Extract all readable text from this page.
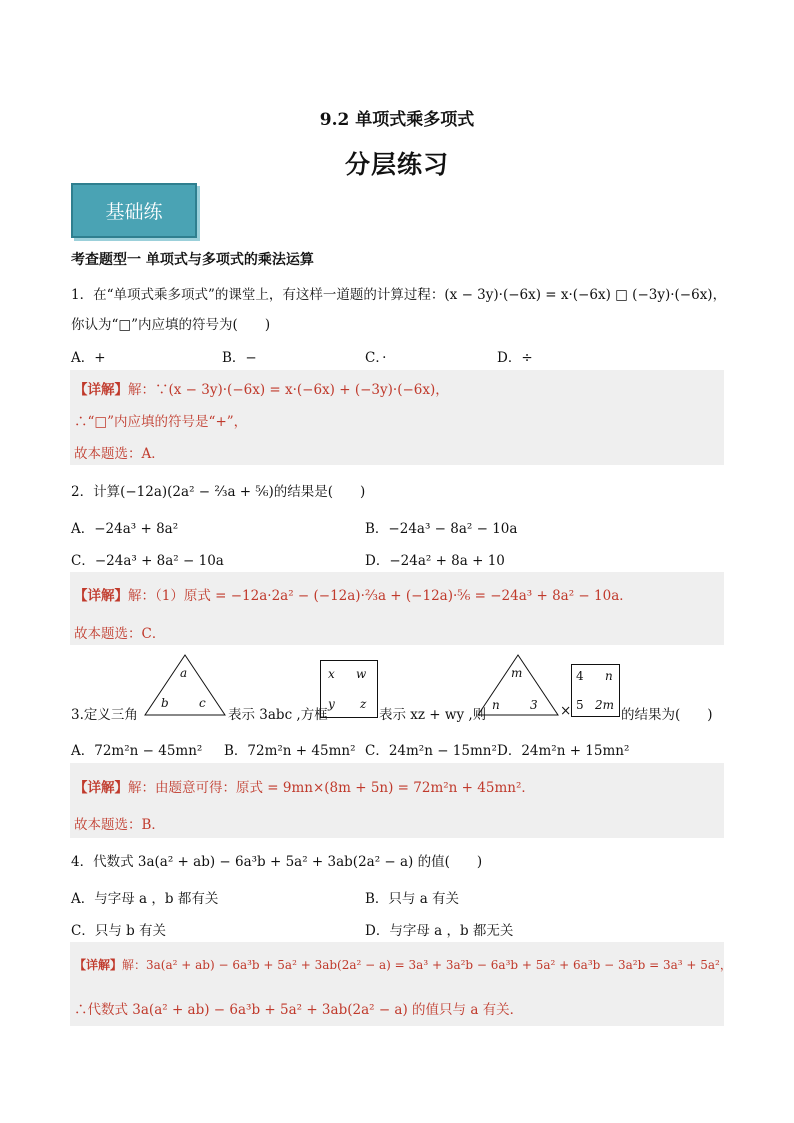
9.2 单项式乘多项式
分层练习
基础练
考查题型一 单项式与多项式的乘法运算
1．在“单项式乘多项式”的课堂上，有这样一道题的计算过程：(x − 3y)·(−6x) = x·(−6x) □ (−3y)·(−6x)，
你认为“□”内应填的符号为(　　)
A．+	B．−	C．·	D．÷
【详解】解：∵(x − 3y)·(−6x) = x·(−6x) + (−3y)·(−6x)，
∴“□”内应填的符号是“+”，
故本题选：A．
2．计算(−12a)(2a² − ⅔a + ⅚)的结果是(　　)
A．−24a³ + 8a²	B．−24a³ − 8a² − 10a
C．−24a³ + 8a² − 10a	D．−24a² + 8a + 10
【详解】解：（1）原式 = −12a·2a² − (−12a)·⅔a + (−12a)·⅚ = −24a³ + 8a² − 10a．
故本题选：C．
3.定义三角
a
b	c
表示 3abc ,方框
x w
y z
表示 xz + wy ,则
m
n	3 ×
4 n
5 2m
的结果为(　　)
A．72m²n − 45mn² B．72m²n + 45mn² C．24m²n − 15mn² D．24m²n + 15mn²
【详解】解：由题意可得：原式 = 9mn×(8m + 5n) = 72m²n + 45mn²．
故本题选：B．
4．代数式 3a(a² + ab) − 6a³b + 5a² + 3ab(2a² − a) 的值(　　)
A．与字母 a ，b 都有关	B．只与 a 有关
C．只与 b 有关	D．与字母 a ，b 都无关
【详解】解：3a(a² + ab) − 6a³b + 5a² + 3ab(2a² − a) = 3a³ + 3a²b − 6a³b + 5a² + 6a³b − 3a²b = 3a³ + 5a²，
∴代数式 3a(a² + ab) − 6a³b + 5a² + 3ab(2a² − a) 的值只与 a 有关．
